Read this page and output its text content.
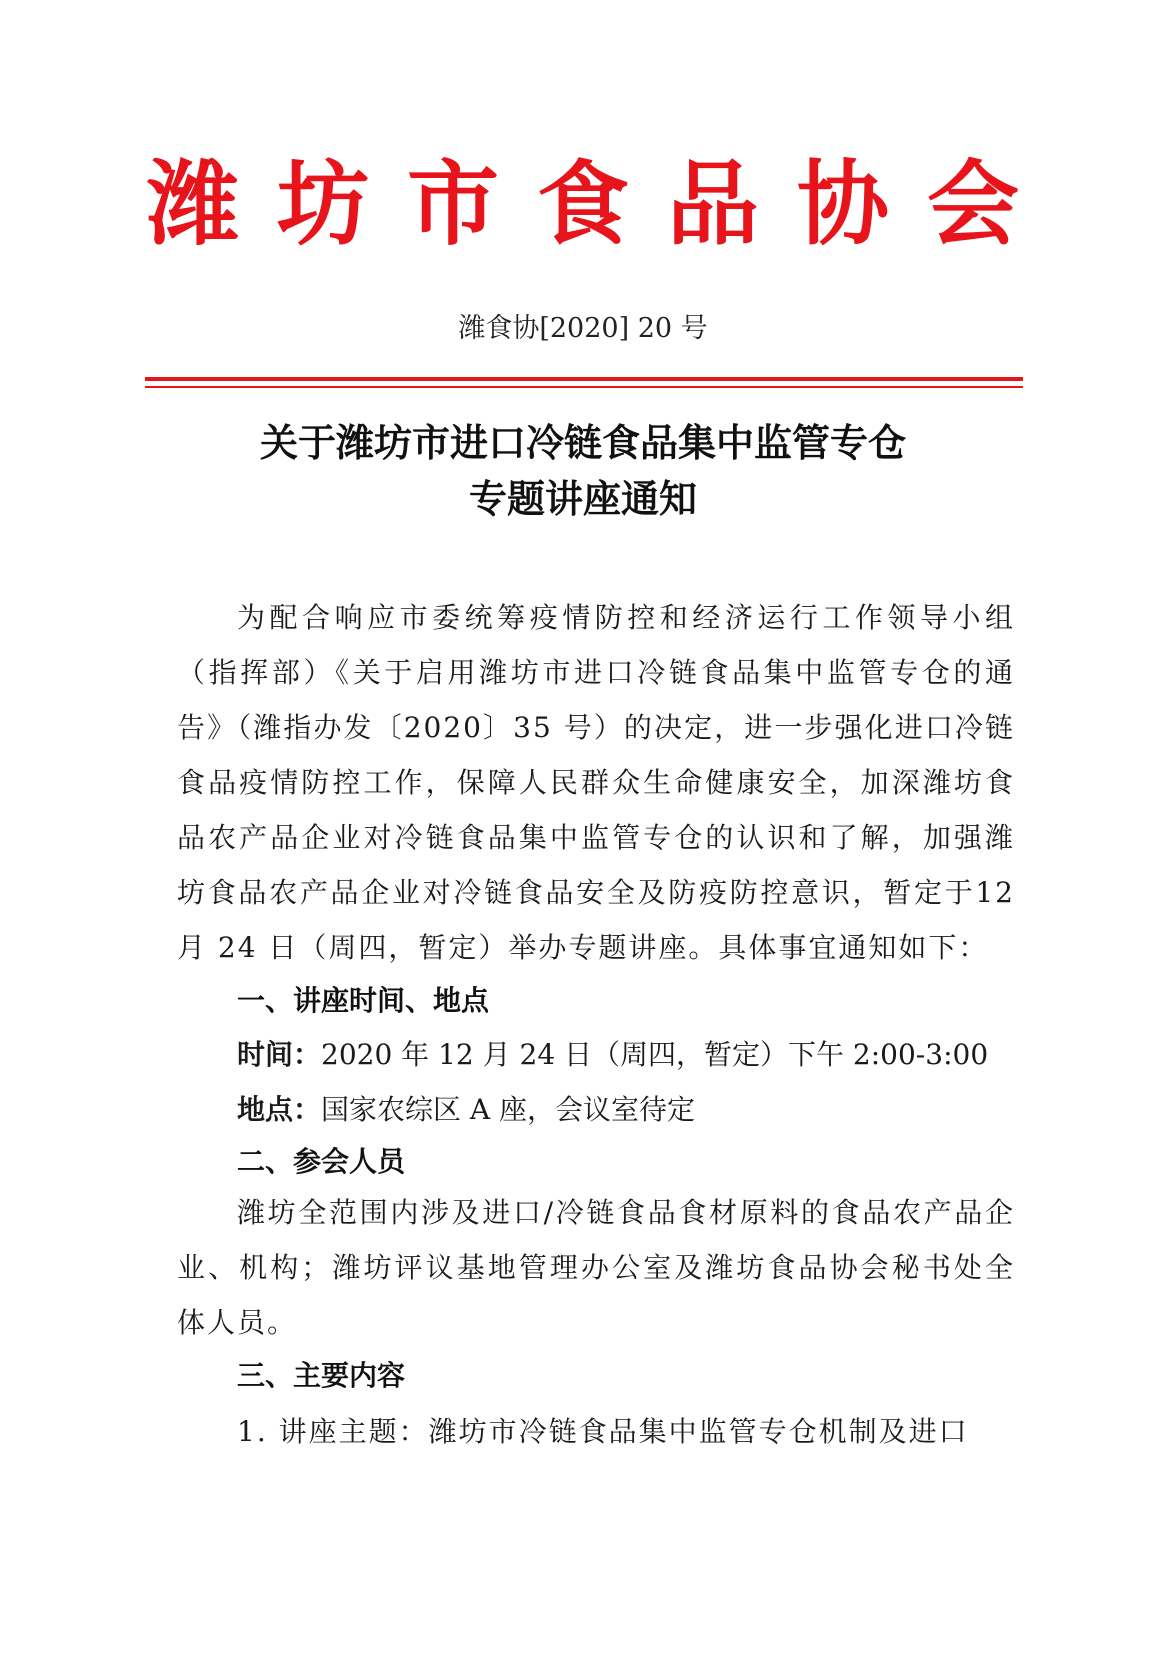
潍坊市食品协会
潍食协[2020] 20 号
关于潍坊市进口冷链食品集中监管专仓
专题讲座通知
为配合响应市委统筹疫情防控和经济运行工作领导小组（指挥部）《关于启用潍坊市进口冷链食品集中监管专仓的通告》（潍指办发〔2020〕35 号）的决定，进一步强化进口冷链食品疫情防控工作，保障人民群众生命健康安全，加深潍坊食品农产品企业对冷链食品集中监管专仓的认识和了解，加强潍坊食品农产品企业对冷链食品安全及防疫防控意识，暂定于12 月 24 日（周四，暂定）举办专题讲座。具体事宜通知如下：
一、讲座时间、地点
时间：2020 年 12 月 24 日（周四，暂定）下午 2:00-3:00
地点：国家农综区 A 座，会议室待定
二、参会人员
潍坊全范围内涉及进口/冷链食品食材原料的食品农产品企业、机构；潍坊评议基地管理办公室及潍坊食品协会秘书处全体人员。
三、主要内容
1. 讲座主题：潍坊市冷链食品集中监管专仓机制及进口
